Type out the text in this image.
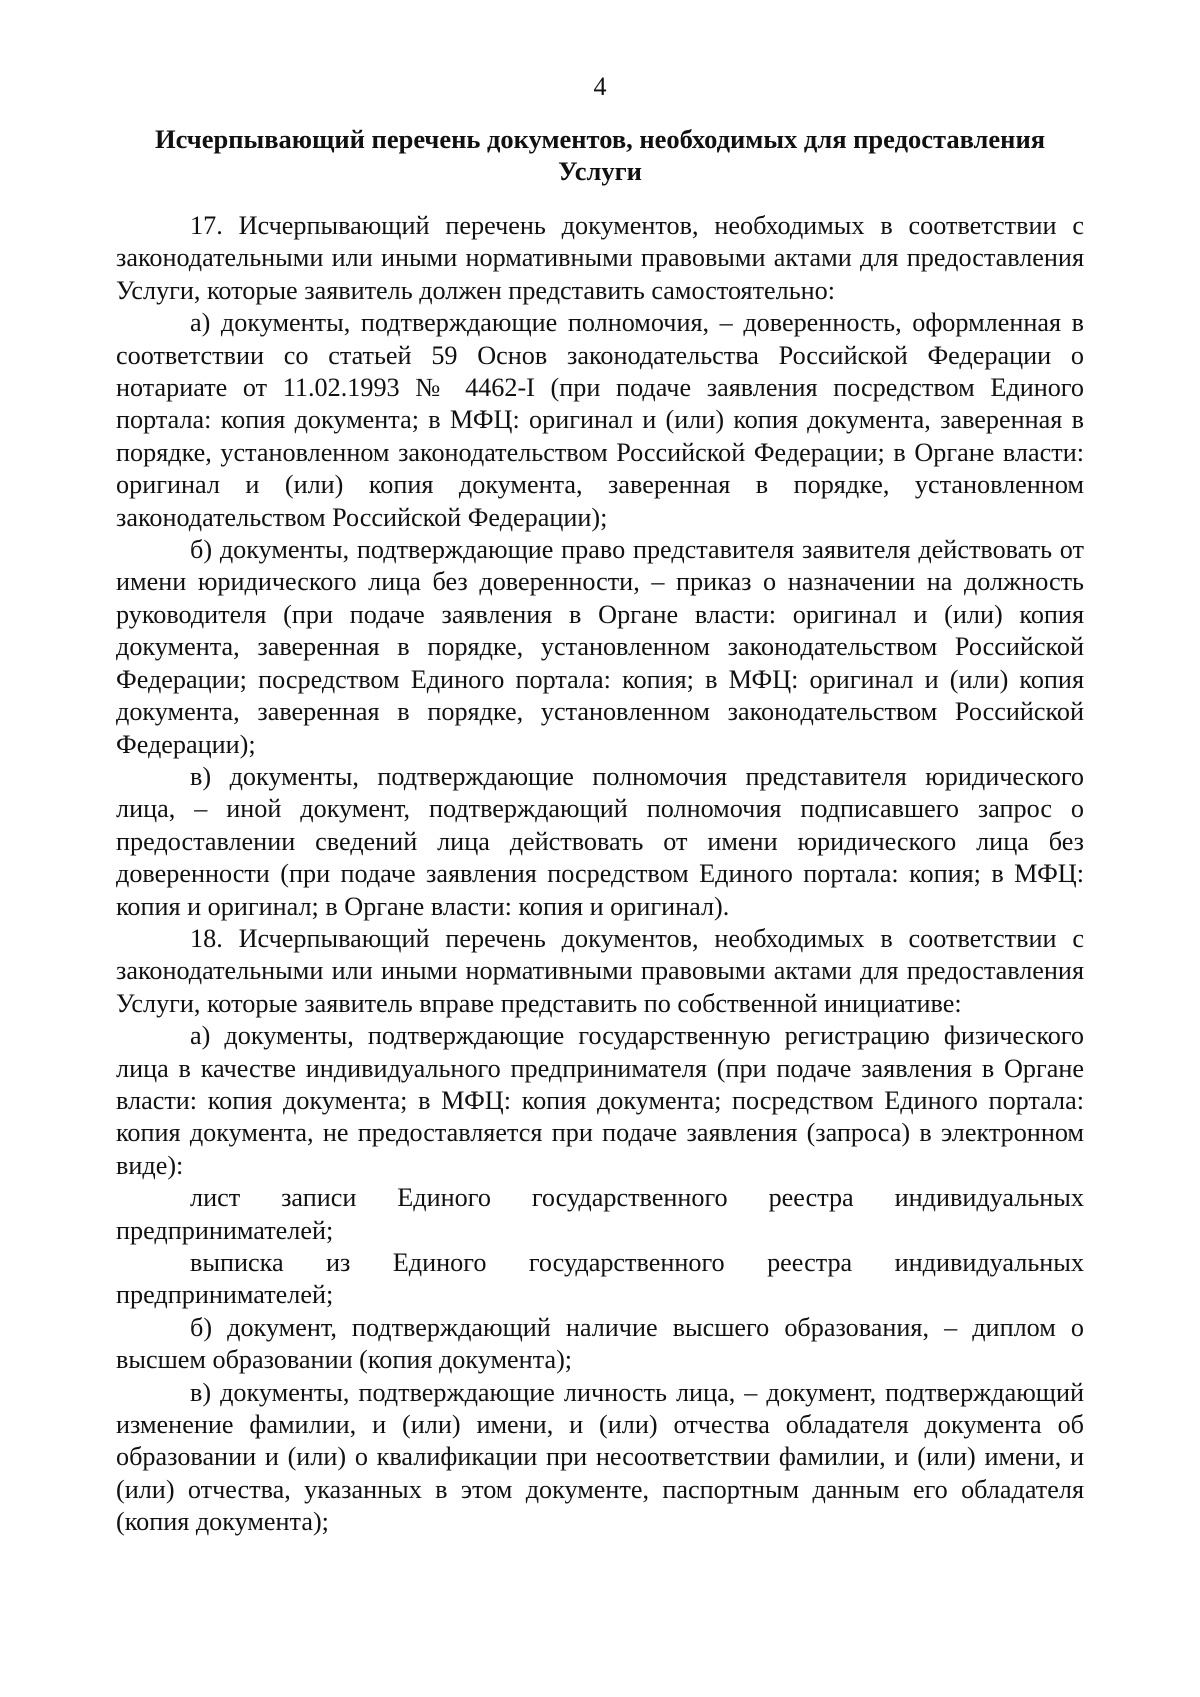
4
Исчерпывающий перечень документов, необходимых для предоставления Услуги

17. Исчерпывающий перечень документов, необходимых в соответствии с законодательными или иными нормативными правовыми актами для предоставления Услуги, которые заявитель должен представить самостоятельно:

а) документы, подтверждающие полномочия, – доверенность, оформленная в соответствии со статьей 59 Основ законодательства Российской Федерации о нотариате от 11.02.1993 № 4462-I (при подаче заявления посредством Единого портала: копия документа; в МФЦ: оригинал и (или) копия документа, заверенная в порядке, установленном законодательством Российской Федерации; в Органе власти: оригинал и (или) копия документа, заверенная в порядке, установленном законодательством Российской Федерации);

б) документы, подтверждающие право представителя заявителя действовать от имени юридического лица без доверенности, – приказ о назначении на должность руководителя (при подаче заявления в Органе власти: оригинал и (или) копия документа, заверенная в порядке, установленном законодательством Российской Федерации; посредством Единого портала: копия; в МФЦ: оригинал и (или) копия документа, заверенная в порядке, установленном законодательством Российской Федерации);

в) документы, подтверждающие полномочия представителя юридического лица, – иной документ, подтверждающий полномочия подписавшего запрос о предоставлении сведений лица действовать от имени юридического лица без доверенности (при подаче заявления посредством Единого портала: копия; в МФЦ: копия и оригинал; в Органе власти: копия и оригинал).

18. Исчерпывающий перечень документов, необходимых в соответствии с законодательными или иными нормативными правовыми актами для предоставления Услуги, которые заявитель вправе представить по собственной инициативе:

а) документы, подтверждающие государственную регистрацию физического лица в качестве индивидуального предпринимателя (при подаче заявления в Органе власти: копия документа; в МФЦ: копия документа; посредством Единого портала: копия документа, не предоставляется при подаче заявления (запроса) в электронном виде):

лист записи Единого государственного реестра индивидуальных предпринимателей;

выписка из Единого государственного реестра индивидуальных предпринимателей;

б) документ, подтверждающий наличие высшего образования, – диплом о высшем образовании (копия документа);

в) документы, подтверждающие личность лица, – документ, подтверждающий изменение фамилии, и (или) имени, и (или) отчества обладателя документа об образовании и (или) о квалификации при несоответствии фамилии, и (или) имени, и (или) отчества, указанных в этом документе, паспортным данным его обладателя (копия документа);
